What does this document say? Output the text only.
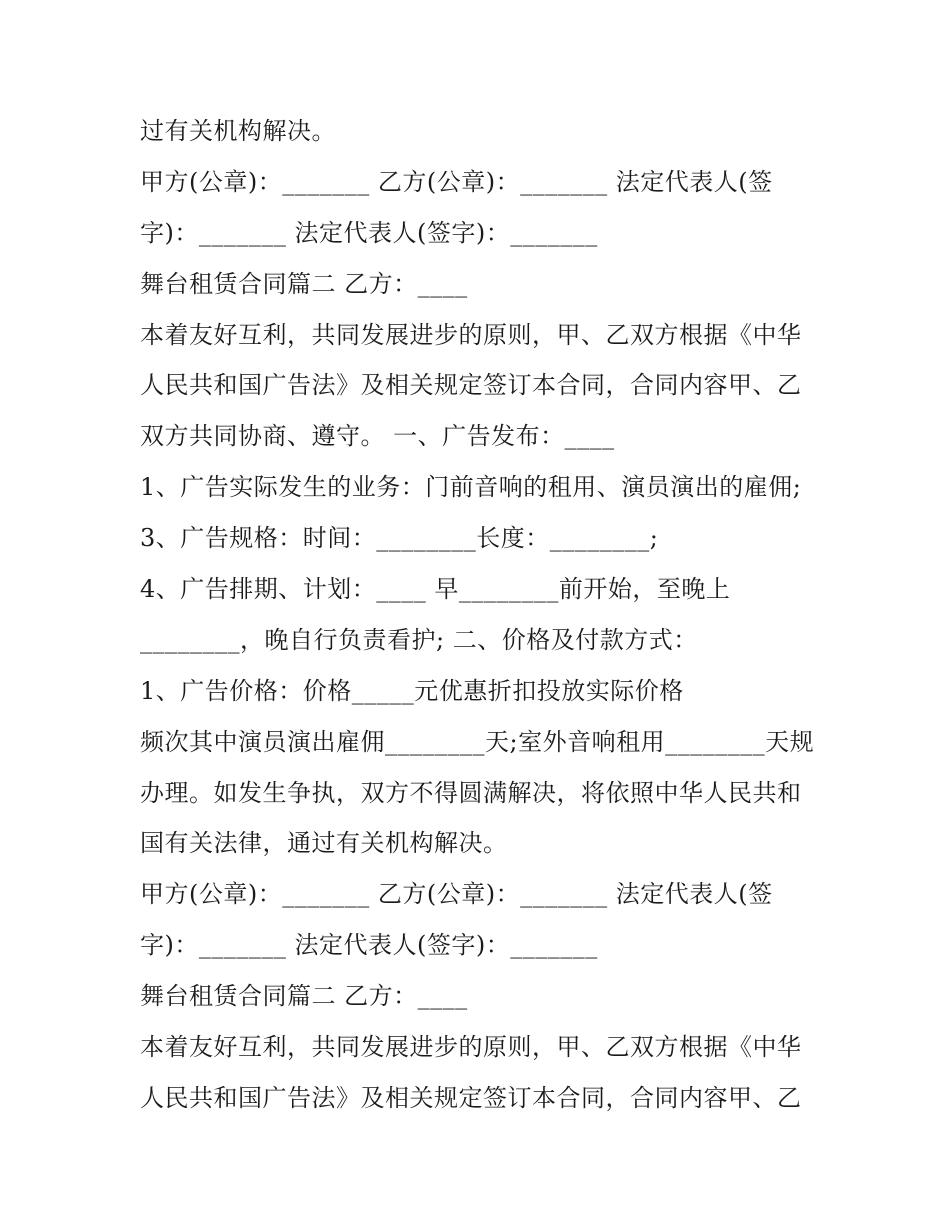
过有关机构解决。
甲方(公章)：_______ 乙方(公章)：_______ 法定代表人(签
字)：_______ 法定代表人(签字)：_______
舞台租赁合同篇二 乙方：____
本着友好互利，共同发展进步的原则，甲、乙双方根据《中华
人民共和国广告法》及相关规定签订本合同，合同内容甲、乙
双方共同协商、遵守。 一、广告发布：____
1、广告实际发生的业务：门前音响的租用、演员演出的雇佣;
3、广告规格：时间：________长度：________;
4、广告排期、计划：____ 早________前开始，至晚上
________，晚自行负责看护; 二、价格及付款方式：
1、广告价格：价格_____元优惠折扣投放实际价格
频次其中演员演出雇佣________天;室外音响租用________天规
办理。如发生争执，双方不得圆满解决，将依照中华人民共和
国有关法律，通过有关机构解决。
甲方(公章)：_______ 乙方(公章)：_______ 法定代表人(签
字)：_______ 法定代表人(签字)：_______
舞台租赁合同篇二 乙方：____
本着友好互利，共同发展进步的原则，甲、乙双方根据《中华
人民共和国广告法》及相关规定签订本合同，合同内容甲、乙
